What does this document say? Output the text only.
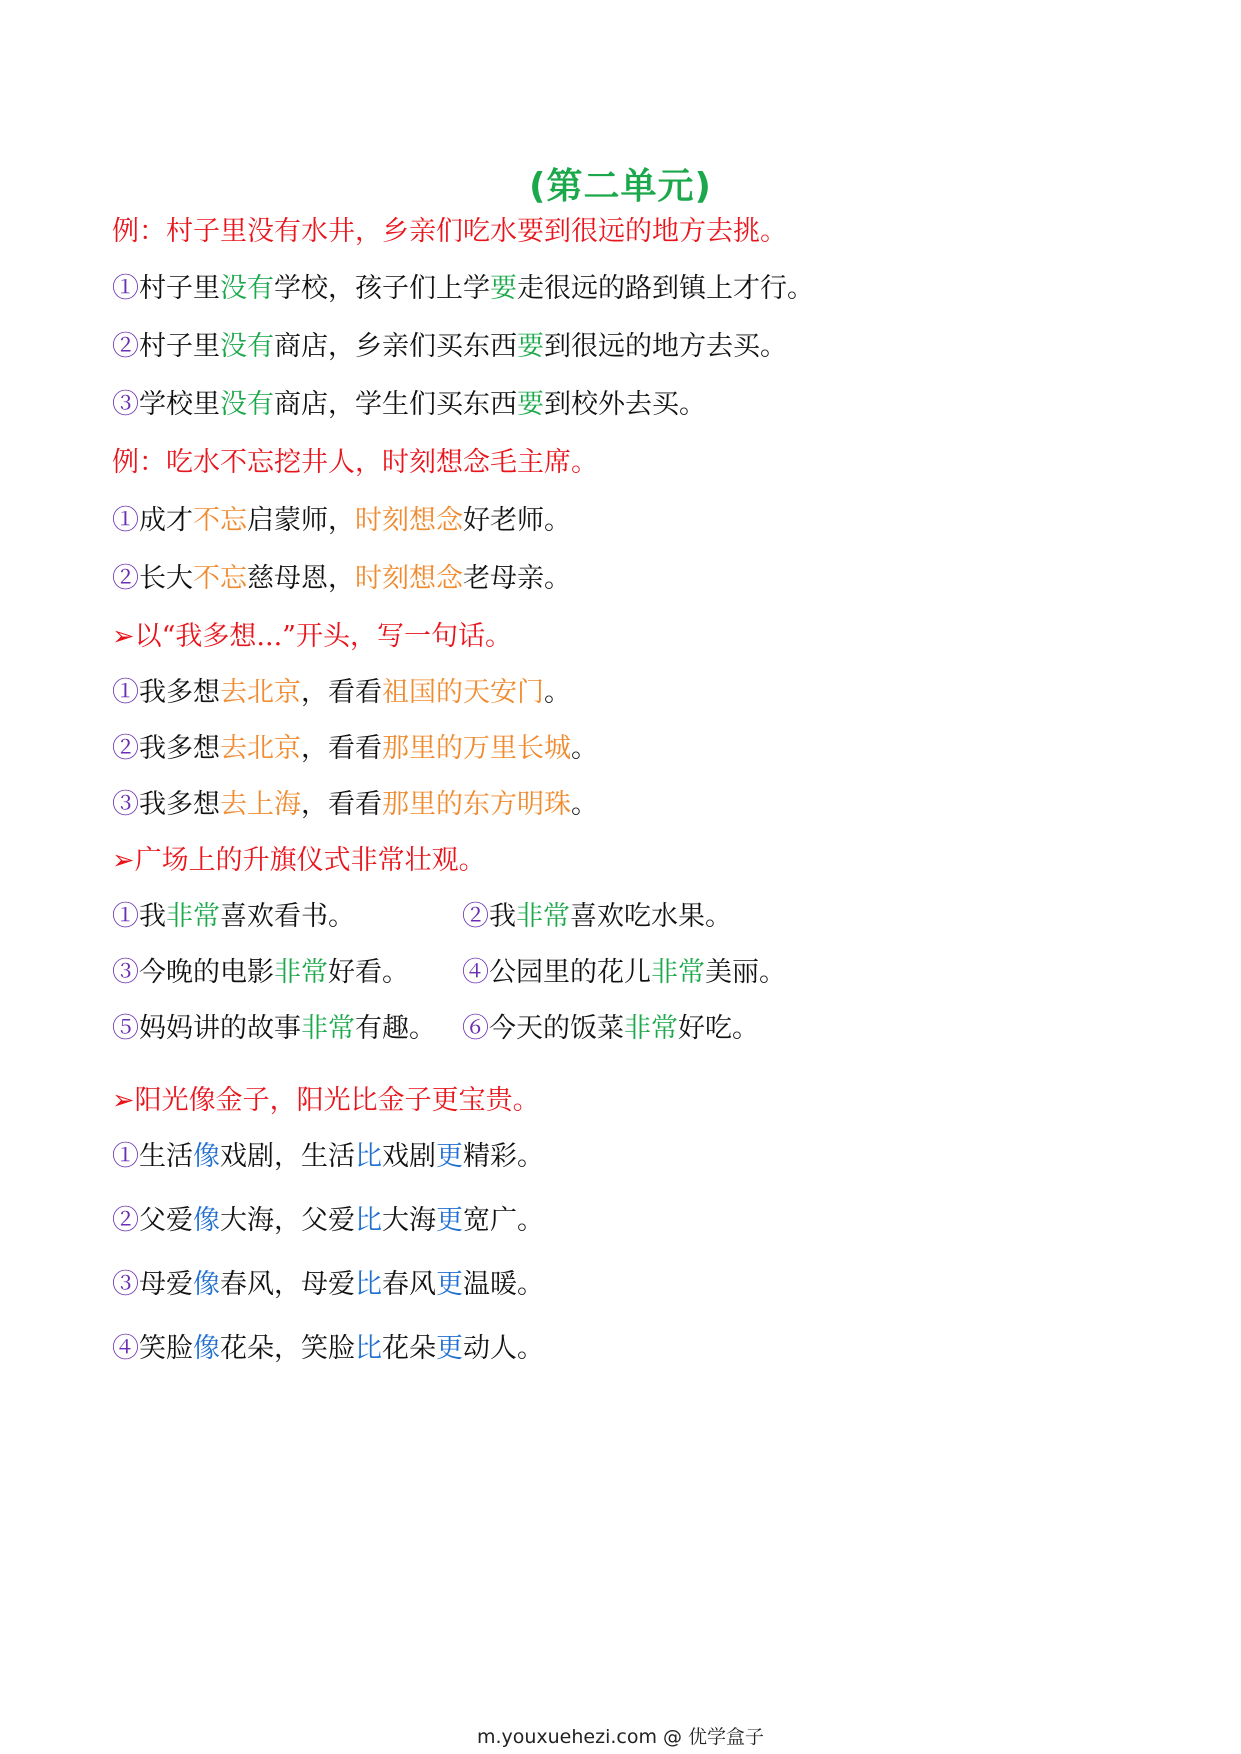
(第二单元)
例：村子里没有水井，乡亲们吃水要到很远的地方去挑。
①村子里没有学校，孩子们上学要走很远的路到镇上才行。
②村子里没有商店，乡亲们买东西要到很远的地方去买。
③学校里没有商店，学生们买东西要到校外去买。
例：吃水不忘挖井人，时刻想念毛主席。
①成才不忘启蒙师，时刻想念好老师。
②长大不忘慈母恩，时刻想念老母亲。
➢以“我多想...”开头，写一句话。
①我多想去北京，看看祖国的天安门。
②我多想去北京，看看那里的万里长城。
③我多想去上海，看看那里的东方明珠。
➢广场上的升旗仪式非常壮观。
①我非常喜欢看书。	②我非常喜欢吃水果。
③今晚的电影非常好看。 ④公园里的花儿非常美丽。
⑤妈妈讲的故事非常有趣。 ⑥今天的饭菜非常好吃。
➢阳光像金子，阳光比金子更宝贵。
①生活像戏剧，生活比戏剧更精彩。
②父爱像大海，父爱比大海更宽广。
③母爱像春风，母爱比春风更温暖。
④笑脸像花朵，笑脸比花朵更动人。
m.youxuehezi.com @ 优学盒子
